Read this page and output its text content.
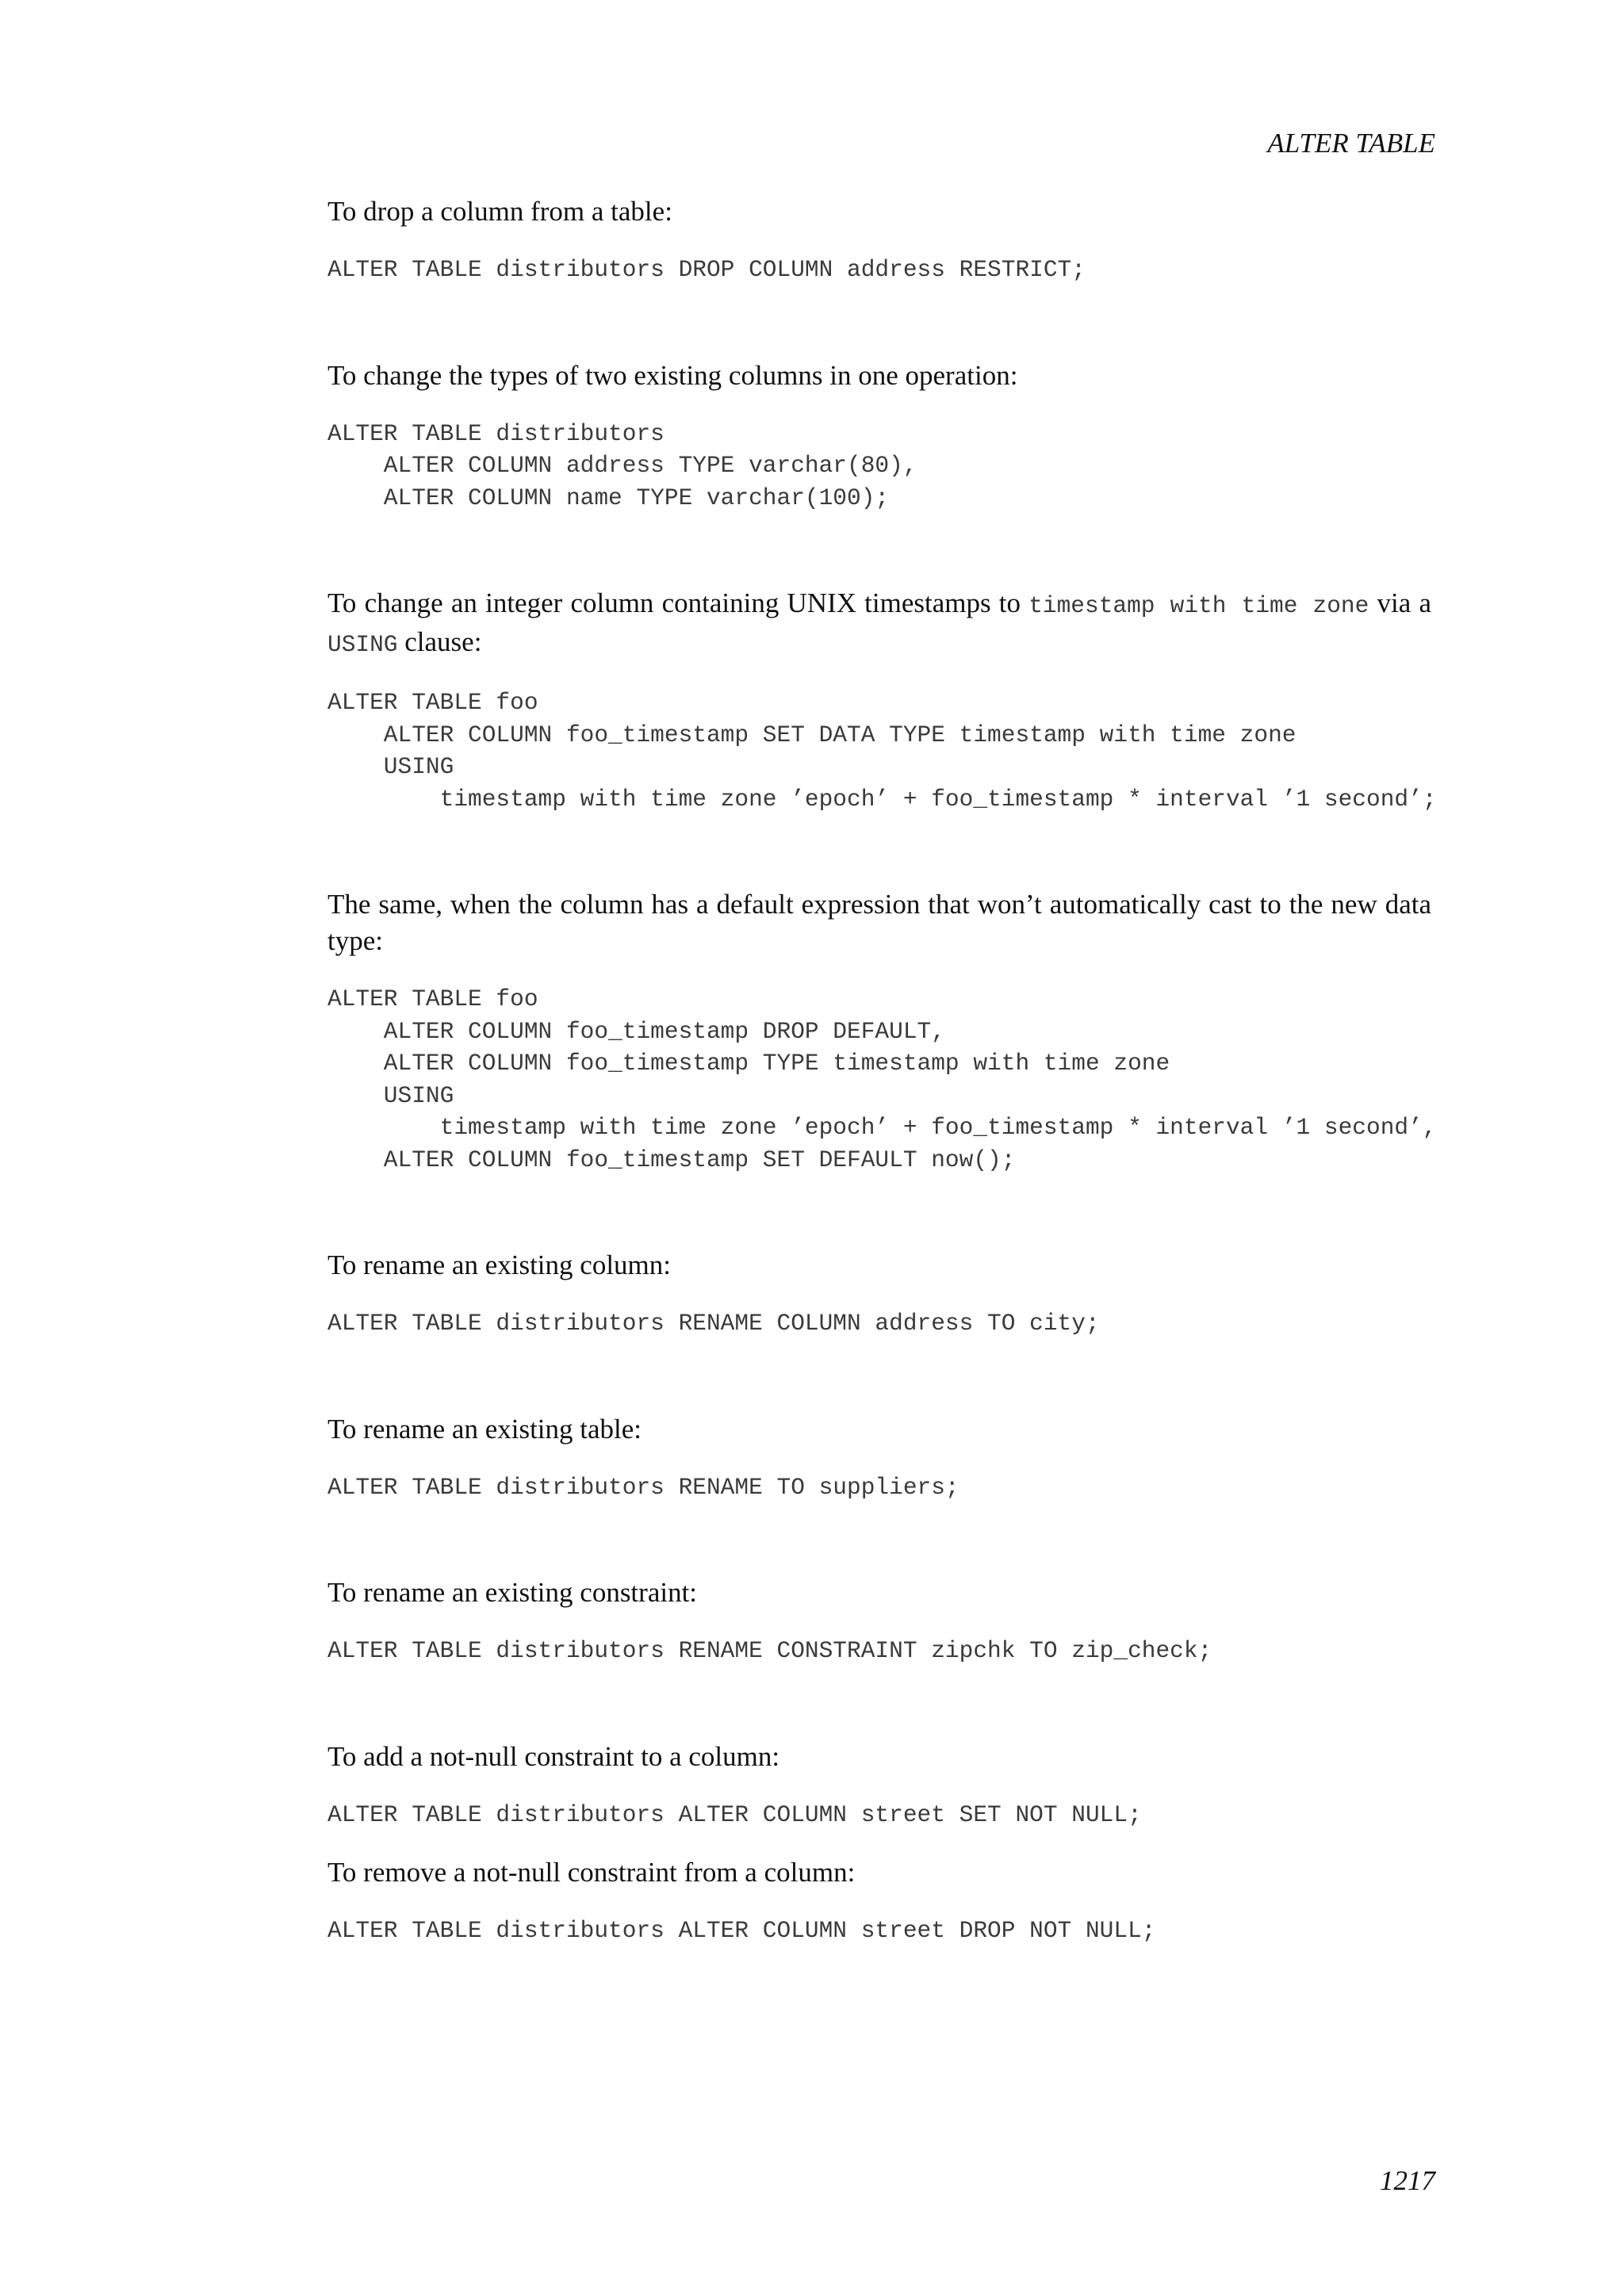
ALTER TABLE

To drop a column from a table:

ALTER TABLE distributors DROP COLUMN address RESTRICT;

To change the types of two existing columns in one operation:

ALTER TABLE distributors
ALTER COLUMN address TYPE varchar(80),
ALTER COLUMN name TYPE varchar(100);

To change an integer column containing UNIX timestamps to timestamp with time zone via a USING clause:

ALTER TABLE foo
ALTER COLUMN foo_timestamp SET DATA TYPE timestamp with time zone
USING
timestamp with time zone ’epoch’ + foo_timestamp * interval ’1 second’;

The same, when the column has a default expression that won’t automatically cast to the new data type:

ALTER TABLE foo
ALTER COLUMN foo_timestamp DROP DEFAULT,
ALTER COLUMN foo_timestamp TYPE timestamp with time zone
USING
timestamp with time zone ’epoch’ + foo_timestamp * interval ’1 second’,
ALTER COLUMN foo_timestamp SET DEFAULT now();

To rename an existing column:

ALTER TABLE distributors RENAME COLUMN address TO city;

To rename an existing table:

ALTER TABLE distributors RENAME TO suppliers;

To rename an existing constraint:

ALTER TABLE distributors RENAME CONSTRAINT zipchk TO zip_check;

To add a not-null constraint to a column:

ALTER TABLE distributors ALTER COLUMN street SET NOT NULL;

To remove a not-null constraint from a column:

ALTER TABLE distributors ALTER COLUMN street DROP NOT NULL;
1217
